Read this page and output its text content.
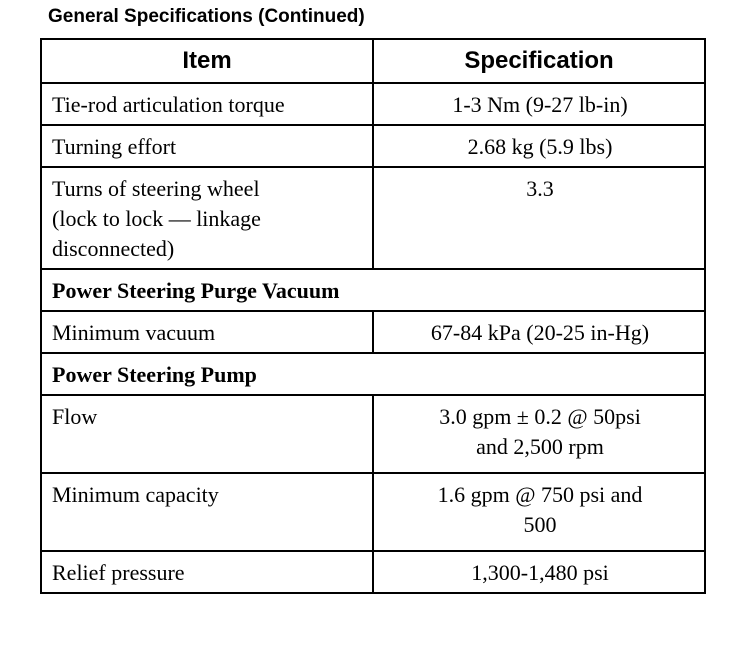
General Specifications (Continued)
Item	Specification
Tie-rod articulation torque	1-3 Nm (9-27 lb-in)
Turning effort	2.68 kg (5.9 lbs)

Turns of steering wheel
(lock to lock — linkage
disconnected)	3.3
Power Steering Purge Vacuum	
Minimum vacuum	67-84 kPa (20-25 in-Hg)
Power Steering Pump	
Flow	3.0 gpm ± 0.2 @ 50psi
and 2,500 rpm

Minimum capacity	1.6 gpm @ 750 psi and
500

Relief pressure	1,300-1,480 psi
